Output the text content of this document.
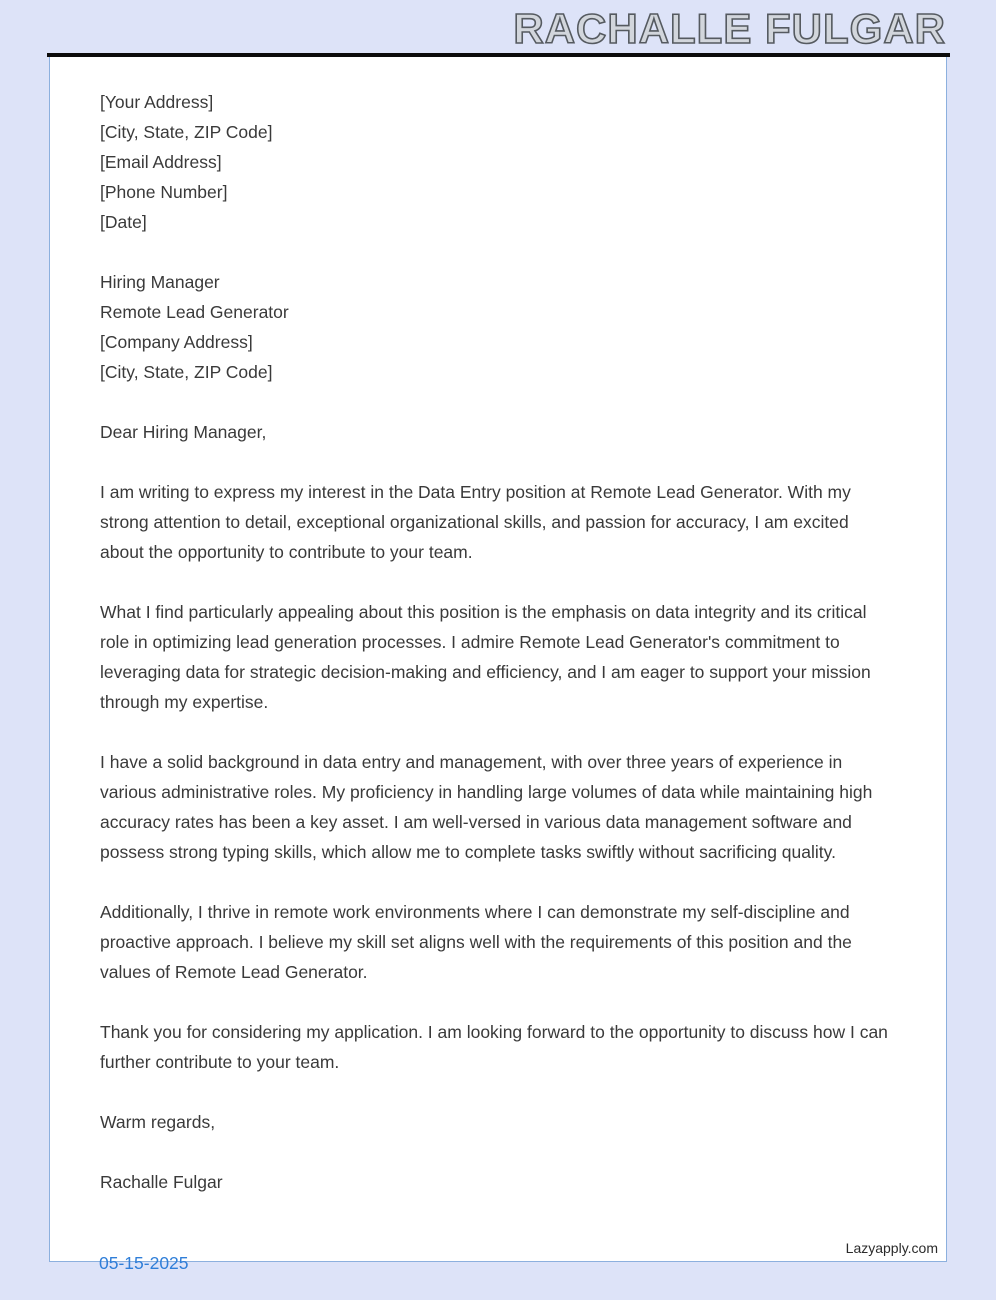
RACHALLE FULGAR

[Your Address]

[City, State, ZIP Code]

[Email Address]

[Phone Number]

[Date]

Hiring Manager

Remote Lead Generator

[Company Address]

[City, State, ZIP Code]

Dear Hiring Manager,

I am writing to express my interest in the Data Entry position at Remote Lead Generator. With my strong attention to detail, exceptional organizational skills, and passion for accuracy, I am excited about the opportunity to contribute to your team.

What I find particularly appealing about this position is the emphasis on data integrity and its critical role in optimizing lead generation processes. I admire Remote Lead Generator's commitment to leveraging data for strategic decision-making and efficiency, and I am eager to support your mission through my expertise.

I have a solid background in data entry and management, with over three years of experience in various administrative roles. My proficiency in handling large volumes of data while maintaining high accuracy rates has been a key asset. I am well-versed in various data management software and possess strong typing skills, which allow me to complete tasks swiftly without sacrificing quality.

Additionally, I thrive in remote work environments where I can demonstrate my self-discipline and proactive approach. I believe my skill set aligns well with the requirements of this position and the values of Remote Lead Generator.

Thank you for considering my application. I am looking forward to the opportunity to discuss how I can further contribute to your team.

Warm regards,

Rachalle Fulgar

05-15-2025
Lazyapply.com
